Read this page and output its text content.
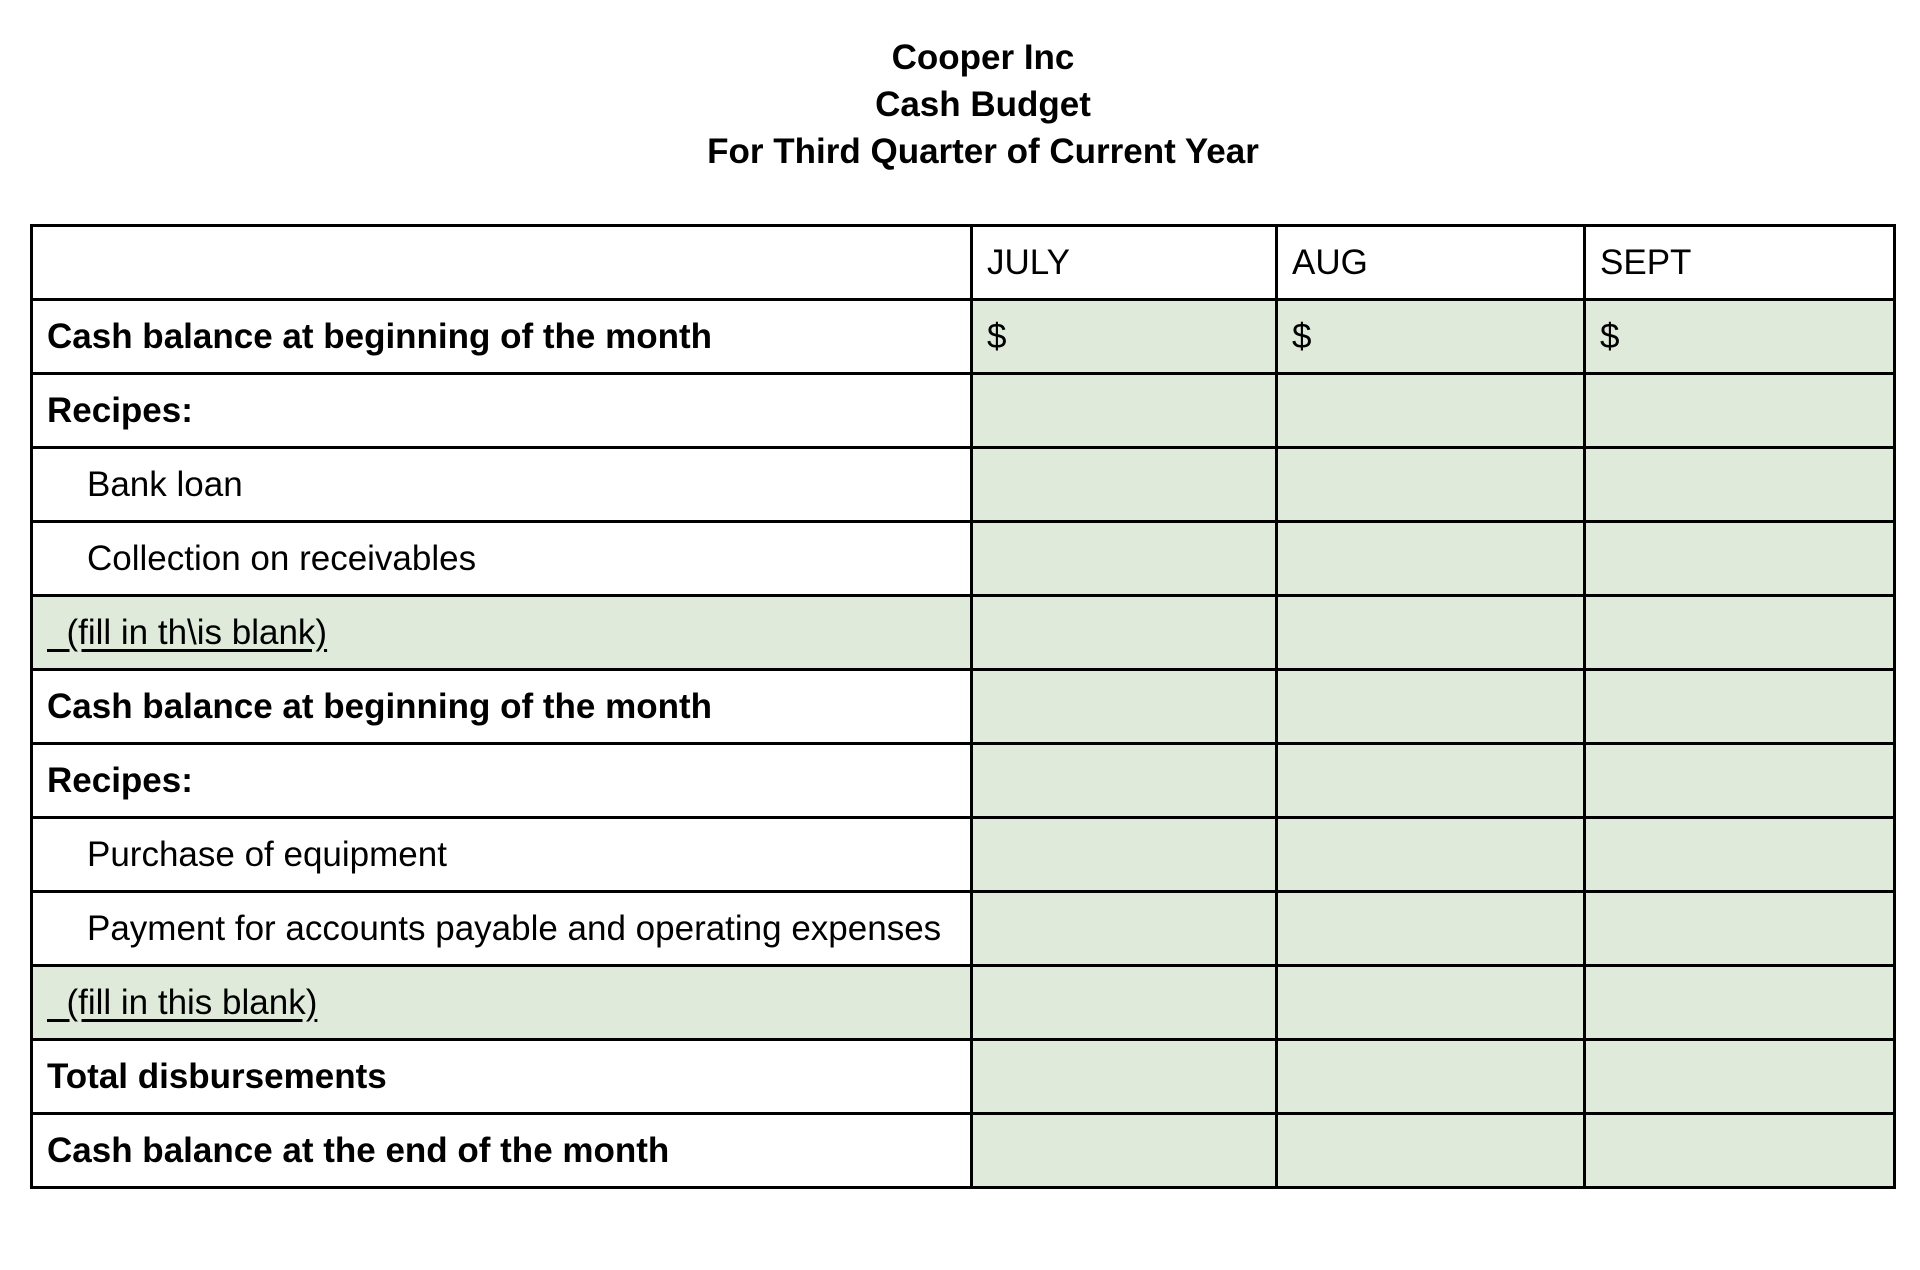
Cooper Inc
Cash Budget
For Third Quarter of Current Year
	JULY	AUG	SEPT
Cash balance at beginning of the month	$	$	$
Recipes:			
Bank loan			
Collection on receivables			
(fill in th\is blank)			
Cash balance at beginning of the month			
Recipes:			
Purchase of equipment			
Payment for accounts payable and operating expenses			
(fill in this blank)			
Total disbursements			
Cash balance at the end of the month			
